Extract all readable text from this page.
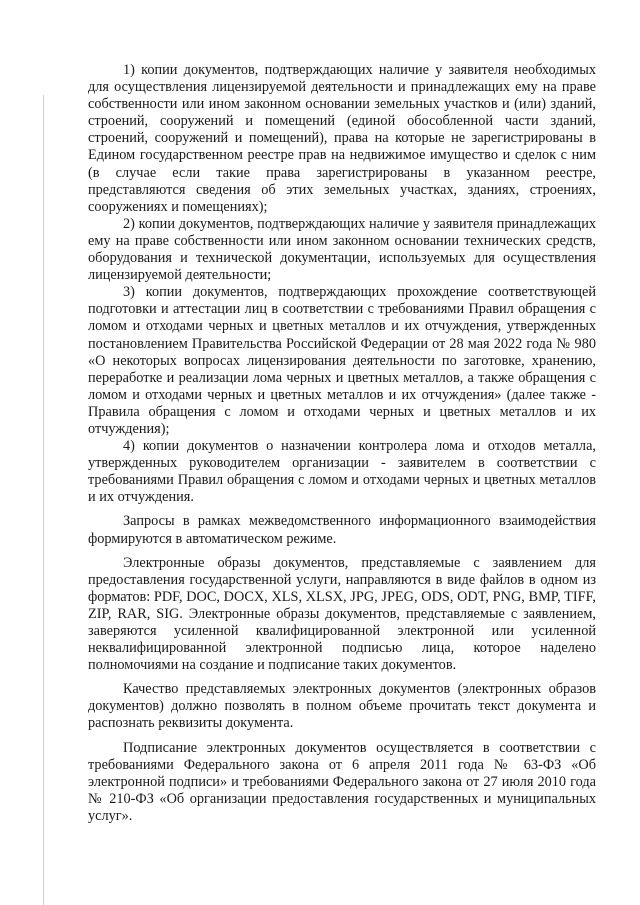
1) копии документов, подтверждающих наличие у заявителя необходимых для осуществления лицензируемой деятельности и принадлежащих ему на праве собственности или ином законном основании земельных участков и (или) зданий, строений, сооружений и помещений (единой обособленной части зданий, строений, сооружений и помещений), права на которые не зарегистрированы в Едином государственном реестре прав на недвижимое имущество и сделок с ним (в случае если такие права зарегистрированы в указанном реестре, представляются сведения об этих земельных участках, зданиях, строениях, сооружениях и помещениях);

2) копии документов, подтверждающих наличие у заявителя принадлежащих ему на праве собственности или ином законном основании технических средств, оборудования и технической документации, используемых для осуществления лицензируемой деятельности;

3) копии документов, подтверждающих прохождение соответствующей подготовки и аттестации лиц в соответствии с требованиями Правил обращения с ломом и отходами черных и цветных металлов и их отчуждения, утвержденных постановлением Правительства Российской Федерации от 28 мая 2022 года № 980 «О некоторых вопросах лицензирования деятельности по заготовке, хранению, переработке и реализации лома черных и цветных металлов, а также обращения с ломом и отходами черных и цветных металлов и их отчуждения» (далее также - Правила обращения с ломом и отходами черных и цветных металлов и их отчуждения);

4) копии документов о назначении контролера лома и отходов металла, утвержденных руководителем организации - заявителем в соответствии с требованиями Правил обращения с ломом и отходами черных и цветных металлов и их отчуждения.

Запросы в рамках межведомственного информационного взаимодействия формируются в автоматическом режиме.

Электронные образы документов, представляемые с заявлением для предоставления государственной услуги, направляются в виде файлов в одном из форматов: PDF, DOC, DOCX, XLS, XLSX, JPG, JPEG, ODS, ODT, PNG, BMP, TIFF, ZIP, RAR, SIG. Электронные образы документов, представляемые с заявлением, заверяются усиленной квалифицированной электронной или усиленной неквалифицированной электронной подписью лица, которое наделено полномочиями на создание и подписание таких документов.

Качество представляемых электронных документов (электронных образов документов) должно позволять в полном объеме прочитать текст документа и распознать реквизиты документа.

Подписание электронных документов осуществляется в соответствии с требованиями Федерального закона от 6 апреля 2011 года № 63-ФЗ «Об электронной подписи» и требованиями Федерального закона от 27 июля 2010 года № 210-ФЗ «Об организации предоставления государственных и муниципальных услуг».
